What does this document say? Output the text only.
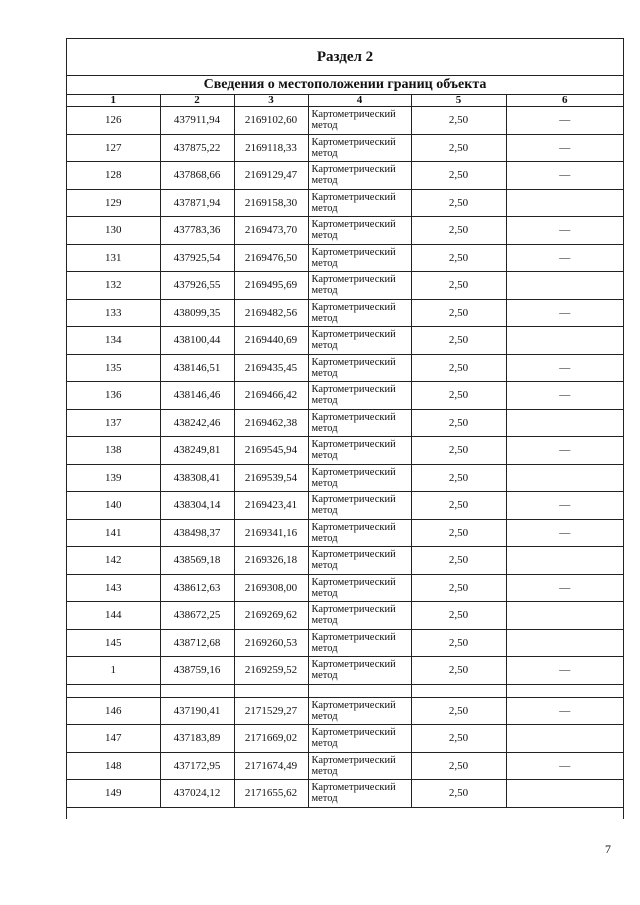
Раздел 2
Сведения о местоположении границ объекта
1	2	3	4	5	6
126	437911,94	2169102,60	Картометрический метод	2,50	—
127	437875,22	2169118,33	Картометрический метод	2,50	—
128	437868,66	2169129,47	Картометрический метод	2,50	—
129	437871,94	2169158,30	Картометрический метод	2,50	
130	437783,36	2169473,70	Картометрический метод	2,50	—
131	437925,54	2169476,50	Картометрический метод	2,50	—
132	437926,55	2169495,69	Картометрический метод	2,50	
133	438099,35	2169482,56	Картометрический метод	2,50	—
134	438100,44	2169440,69	Картометрический метод	2,50	
135	438146,51	2169435,45	Картометрический метод	2,50	—
136	438146,46	2169466,42	Картометрический метод	2,50	—
137	438242,46	2169462,38	Картометрический метод	2,50	
138	438249,81	2169545,94	Картометрический метод	2,50	—
139	438308,41	2169539,54	Картометрический метод	2,50	
140	438304,14	2169423,41	Картометрический метод	2,50	—
141	438498,37	2169341,16	Картометрический метод	2,50	—
142	438569,18	2169326,18	Картометрический метод	2,50	
143	438612,63	2169308,00	Картометрический метод	2,50	—
144	438672,25	2169269,62	Картометрический метод	2,50	
145	438712,68	2169260,53	Картометрический метод	2,50	
1	438759,16	2169259,52	Картометрический метод	2,50	—

146	437190,41	2171529,27	Картометрический метод	2,50	—
147	437183,89	2171669,02	Картометрический метод	2,50	
148	437172,95	2171674,49	Картометрический метод	2,50	—
149	437024,12	2171655,62	Картометрический метод	2,50	
7
